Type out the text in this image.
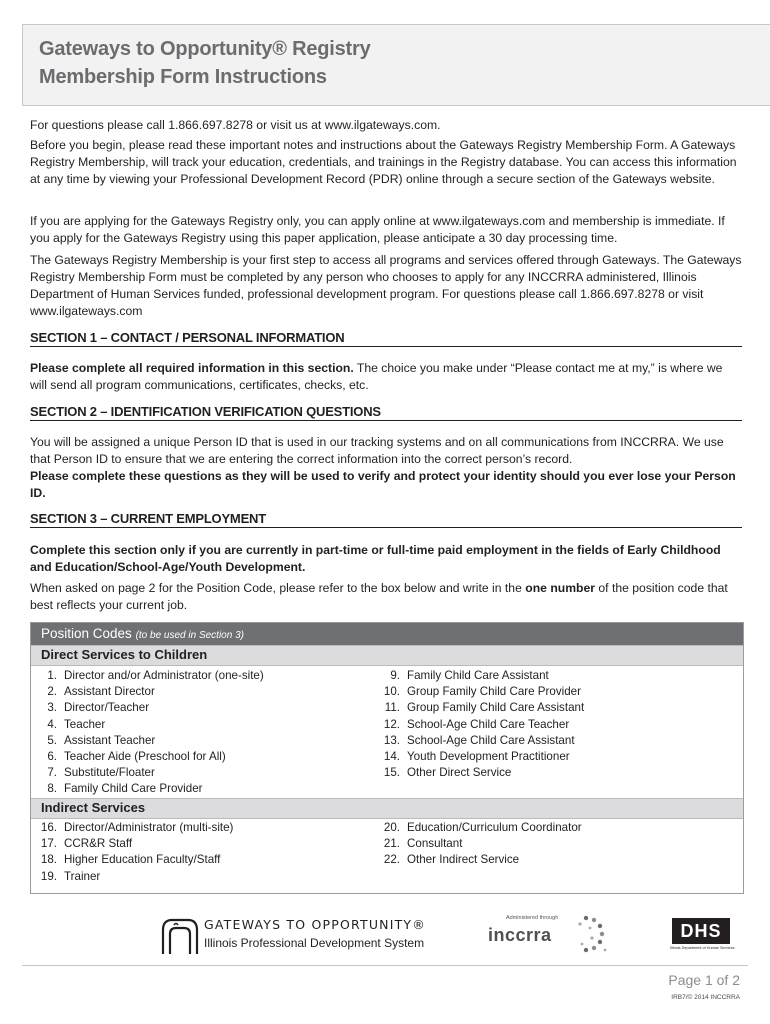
Gateways to Opportunity® Registry
Membership Form Instructions

For questions please call 1.866.697.8278 or visit us at www.ilgateways.com.

Before you begin, please read these important notes and instructions about the Gateways Registry Membership Form. A Gateways Registry Membership, will track your education, credentials, and trainings in the Registry database. You can access this information at any time by viewing your Professional Development Record (PDR) online through a secure section of the Gateways website.

If you are applying for the Gateways Registry only, you can apply online at www.ilgateways.com and membership is immediate. If you apply for the Gateways Registry using this paper application, please anticipate a 30 day processing time.

The Gateways Registry Membership is your first step to access all programs and services offered through Gateways. The Gateways Registry Membership Form must be completed by any person who chooses to apply for any INCCRRA administered, Illinois Department of Human Services funded, professional development program. For questions please call 1.866.697.8278 or visit www.ilgateways.com

SECTION 1 – CONTACT / PERSONAL INFORMATION

Please complete all required information in this section. The choice you make under “Please contact me at my,” is where we will send all program communications, certificates, checks, etc.

SECTION 2 – IDENTIFICATION VERIFICATION QUESTIONS

You will be assigned a unique Person ID that is used in our tracking systems and on all communications from INCCRRA. We use that Person ID to ensure that we are entering the correct information into the correct person’s record.

Please complete these questions as they will be used to verify and protect your identity should you ever lose your Person ID.

SECTION 3 – CURRENT EMPLOYMENT

Complete this section only if you are currently in part-time or full-time paid employment in the fields of Early Childhood and Education/School-Age/Youth Development.

When asked on page 2 for the Position Code, please refer to the box below and write in the one number of the position code that best reflects your current job.

Position Codes (to be used in Section 3)
Direct Services to Children
1. Director and/or Administrator (one-site)
2. Assistant Director
3. Director/Teacher
4. Teacher
5. Assistant Teacher
6. Teacher Aide (Preschool for All)
7. Substitute/Floater
8. Family Child Care Provider
9. Family Child Care Assistant
10. Group Family Child Care Provider
11. Group Family Child Care Assistant
12. School-Age Child Care Teacher
13. School-Age Child Care Assistant
14. Youth Development Practitioner
15. Other Direct Service
Indirect Services
16. Director/Administrator (multi-site)
17. CCR&R Staff
18. Higher Education Faculty/Staff
19. Trainer
20. Education/Curriculum Coordinator
21. Consultant
22. Other Indirect Service
GATEWAYS TO OPPORTUNITY®
Illinois Professional Development System
Administered through
incсrra	DHS
Illinois Department of Human Services
Page 1 of 2
IRB7/© 2014 INCCRRA
